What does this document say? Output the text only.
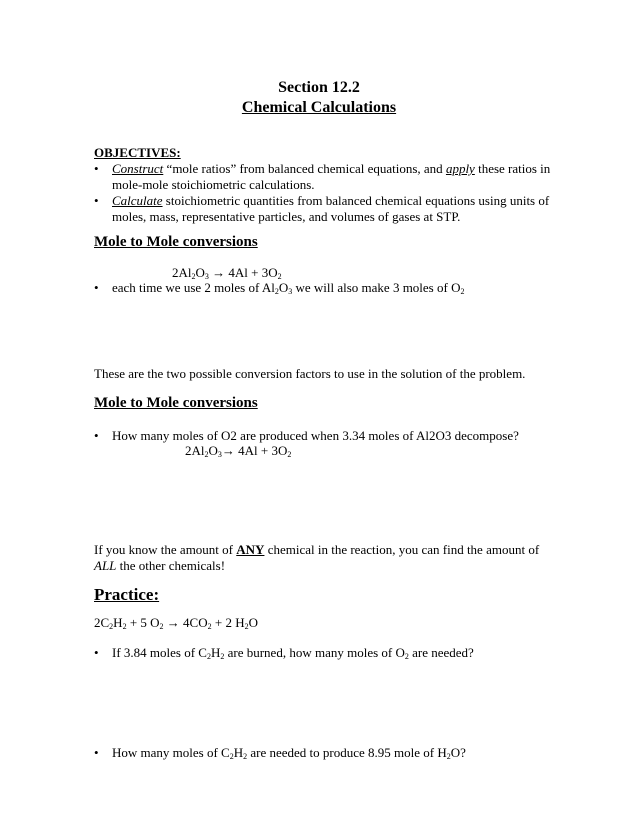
Section 12.2
Chemical Calculations
OBJECTIVES:
• Construct “mole ratios” from balanced chemical equations, and apply these ratios in
mole-mole stoichiometric calculations.
• Calculate stoichiometric quantities from balanced chemical equations using units of
moles, mass, representative particles, and volumes of gases at STP.
Mole to Mole conversions
$2Al_2O_3 \to 4Al + 3O_2$
• each time we use 2 moles of $Al_2O_3$ we will also make 3 moles of $O_2$
These are the two possible conversion factors to use in the solution of the problem.
Mole to Mole conversions
• How many moles of O2 are produced when 3.34 moles of Al2O3 decompose?
$2Al_2O_3\to 4Al + 3O_2$
If you know the amount of ANY chemical in the reaction, you can find the amount of
ALL the other chemicals!
Practice:
$2C_2H_2 + 5$ $O_2 \to 4CO_2 + 2$ $H_2O$
• If 3.84 moles of $C_2H_2$ are burned, how many moles of $O_2$ are needed?
• How many moles of $C_2H_2$ are needed to produce 8.95 mole of $H_2O$?
